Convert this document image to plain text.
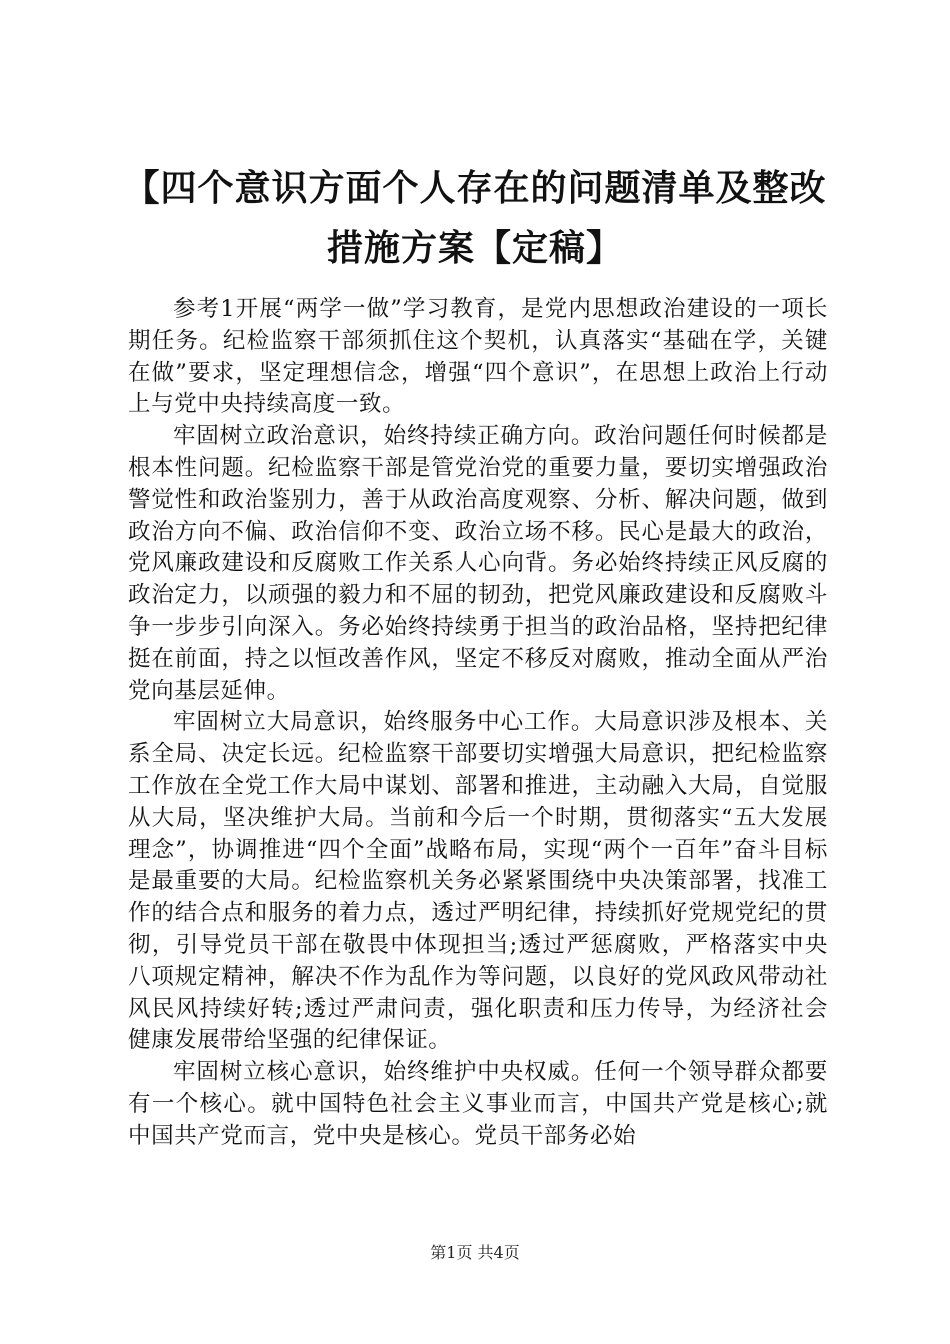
【四个意识方面个人存在的问题清单及整改措施方案【定稿】

参考1开展“两学一做”学习教育，是党内思想政治建设的一项长期任务。纪检监察干部须抓住这个契机，认真落实“基础在学，关键在做”要求，坚定理想信念，增强“四个意识”，在思想上政治上行动上与党中央持续高度一致。

牢固树立政治意识，始终持续正确方向。政治问题任何时候都是根本性问题。纪检监察干部是管党治党的重要力量，要切实增强政治警觉性和政治鉴别力，善于从政治高度观察、分析、解决问题，做到政治方向不偏、政治信仰不变、政治立场不移。民心是最大的政治，党风廉政建设和反腐败工作关系人心向背。务必始终持续正风反腐的政治定力，以顽强的毅力和不屈的韧劲，把党风廉政建设和反腐败斗争一步步引向深入。务必始终持续勇于担当的政治品格，坚持把纪律挺在前面，持之以恒改善作风，坚定不移反对腐败，推动全面从严治党向基层延伸。

牢固树立大局意识，始终服务中心工作。大局意识涉及根本、关系全局、决定长远。纪检监察干部要切实增强大局意识，把纪检监察工作放在全党工作大局中谋划、部署和推进，主动融入大局，自觉服从大局，坚决维护大局。当前和今后一个时期，贯彻落实“五大发展理念”，协调推进“四个全面”战略布局，实现“两个一百年”奋斗目标是最重要的大局。纪检监察机关务必紧紧围绕中央决策部署，找准工作的结合点和服务的着力点，透过严明纪律，持续抓好党规党纪的贯彻，引导党员干部在敬畏中体现担当;透过严惩腐败，严格落实中央八项规定精神，解决不作为乱作为等问题，以良好的党风政风带动社风民风持续好转;透过严肃问责，强化职责和压力传导，为经济社会健康发展带给坚强的纪律保证。

牢固树立核心意识，始终维护中央权威。任何一个领导群众都要有一个核心。就中国特色社会主义事业而言，中国共产党是核心;就中国共产党而言，党中央是核心。党员干部务必始

第1页 共4页
